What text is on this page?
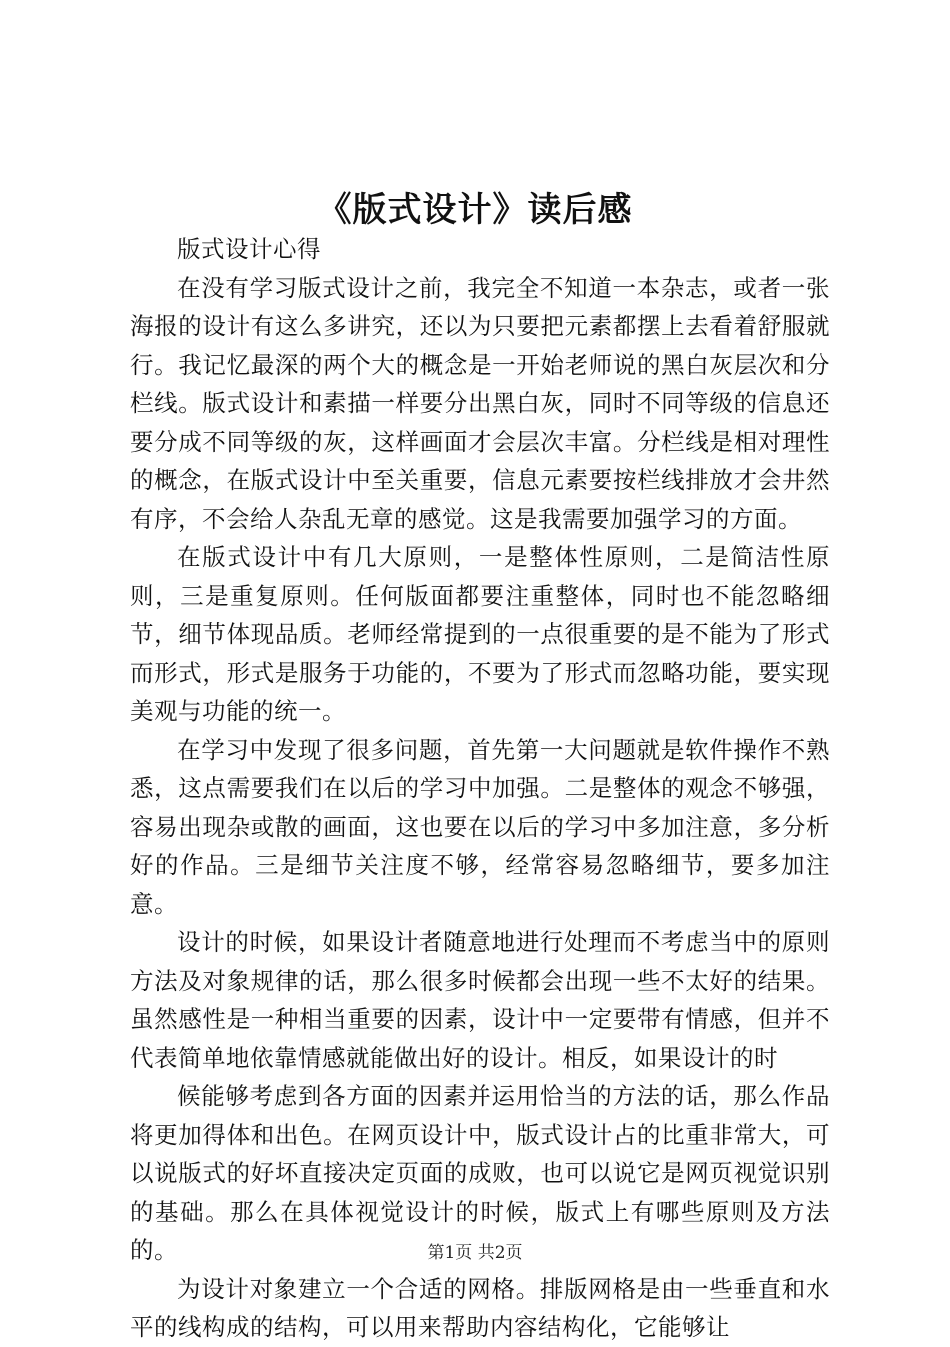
《版式设计》读后感

版式设计心得

在没有学习版式设计之前，我完全不知道一本杂志，或者一张海报的设计有这么多讲究，还以为只要把元素都摆上去看着舒服就行。我记忆最深的两个大的概念是一开始老师说的黑白灰层次和分栏线。版式设计和素描一样要分出黑白灰，同时不同等级的信息还要分成不同等级的灰，这样画面才会层次丰富。分栏线是相对理性的概念，在版式设计中至关重要，信息元素要按栏线排放才会井然有序，不会给人杂乱无章的感觉。这是我需要加强学习的方面。

在版式设计中有几大原则，一是整体性原则，二是简洁性原则，三是重复原则。任何版面都要注重整体，同时也不能忽略细节，细节体现品质。老师经常提到的一点很重要的是不能为了形式而形式，形式是服务于功能的，不要为了形式而忽略功能，要实现美观与功能的统一。

在学习中发现了很多问题，首先第一大问题就是软件操作不熟悉，这点需要我们在以后的学习中加强。二是整体的观念不够强，容易出现杂或散的画面，这也要在以后的学习中多加注意，多分析好的作品。三是细节关注度不够，经常容易忽略细节，要多加注意。

设计的时候，如果设计者随意地进行处理而不考虑当中的原则方法及对象规律的话，那么很多时候都会出现一些不太好的结果。虽然感性是一种相当重要的因素，设计中一定要带有情感，但并不代表简单地依靠情感就能做出好的设计。相反，如果设计的时

候能够考虑到各方面的因素并运用恰当的方法的话，那么作品将更加得体和出色。在网页设计中，版式设计占的比重非常大，可以说版式的好坏直接决定页面的成败，也可以说它是网页视觉识别的基础。那么在具体视觉设计的时候，版式上有哪些原则及方法的。

为设计对象建立一个合适的网格。排版网格是由一些垂直和水平的线构成的结构，可以用来帮助内容结构化，它能够让

第1页 共2页
